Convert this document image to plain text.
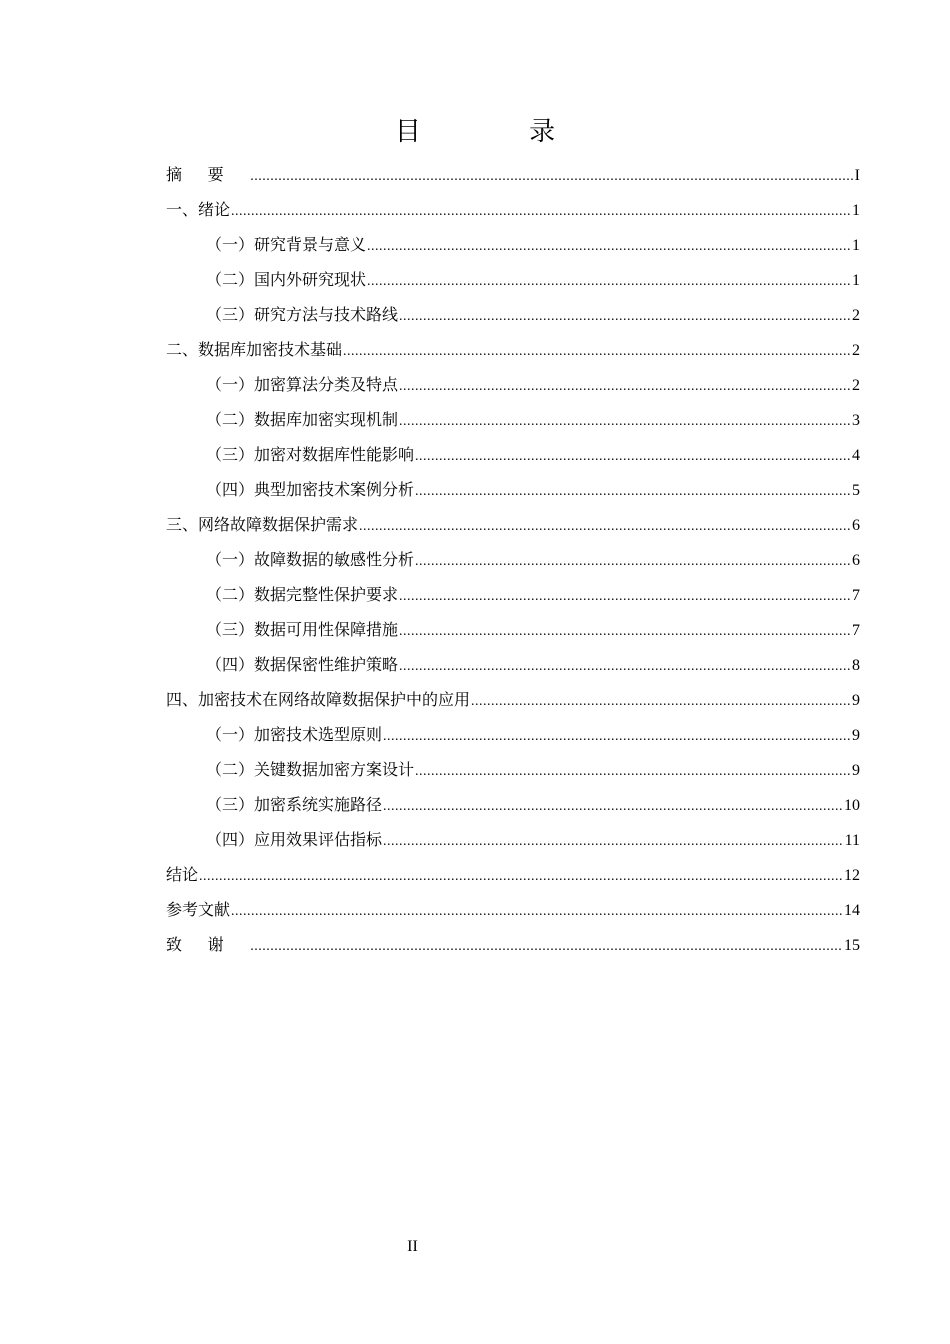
目 录
摘要 .....	I
一、绪论 .....	1
（一）研究背景与意义 .....	1
（二）国内外研究现状 .....	1
（三）研究方法与技术路线 .....	2
二、数据库加密技术基础 .....	2
（一）加密算法分类及特点 .....	2
（二）数据库加密实现机制 .....	3
（三）加密对数据库性能影响 .....	4
（四）典型加密技术案例分析 .....	5
三、网络故障数据保护需求 .....	6
（一）故障数据的敏感性分析 .....	6
（二）数据完整性保护要求 .....	7
（三）数据可用性保障措施 .....	7
（四）数据保密性维护策略 .....	8
四、加密技术在网络故障数据保护中的应用 .....	9
（一）加密技术选型原则 .....	9
（二）关键数据加密方案设计 .....	9
（三）加密系统实施路径 .....	10
（四）应用效果评估指标 .....	11
结论 .....	12
参考文献 .....	14
致谢 .....	15
II
